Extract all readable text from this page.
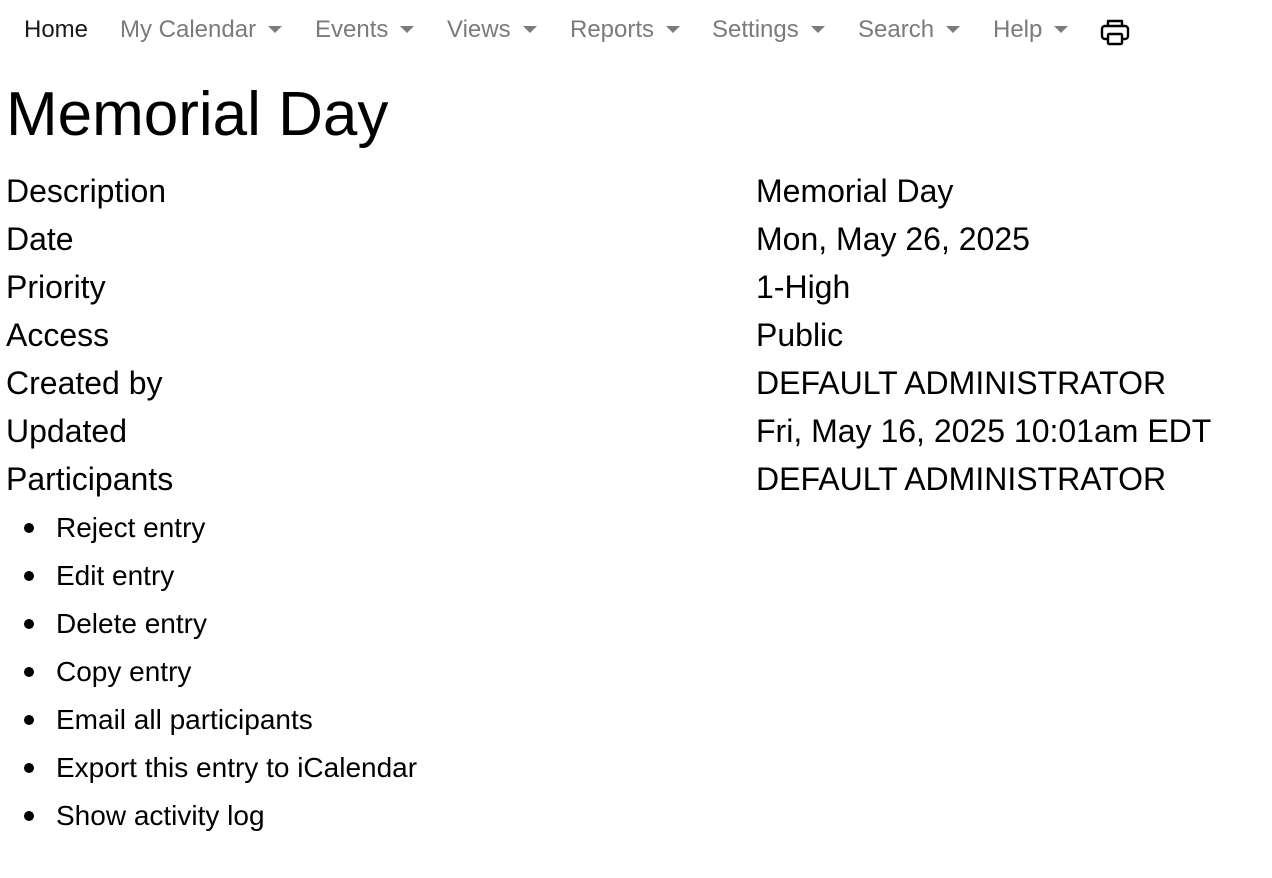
Home My Calendar	Events	Views	Reports	Settings	Search	Help
Memorial Day
Description	Memorial Day
Date	Mon, May 26, 2025
Priority	1-High
Access	Public
Created by	DEFAULT ADMINISTRATOR
Updated	Fri, May 16, 2025 10:01am EDT
Participants	DEFAULT ADMINISTRATOR
Reject entry
Edit entry
Delete entry
Copy entry
Email all participants
Export this entry to iCalendar
Show activity log
